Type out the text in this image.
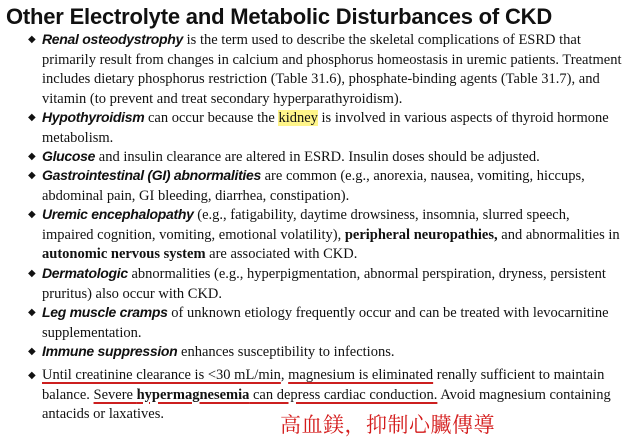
Other Electrolyte and Metabolic Disturbances of CKD
◆ Renal osteodystrophy is the term used to describe the skeletal complications of ESRD that primarily result from changes in calcium and phosphorus homeostasis in uremic patients. Treatment includes dietary phosphorus restriction (Table 31.6), phosphate-binding agents (Table 31.7), and vitamin (to prevent and treat secondary hyperparathyroidism).
◆ Hypothyroidism can occur because the kidney is involved in various aspects of thyroid hormone metabolism.
◆ Glucose and insulin clearance are altered in ESRD. Insulin doses should be adjusted.
◆ Gastrointestinal (GI) abnormalities are common (e.g., anorexia, nausea, vomiting, hiccups, abdominal pain, GI bleeding, diarrhea, constipation).
◆ Uremic encephalopathy (e.g., fatigability, daytime drowsiness, insomnia, slurred speech, impaired cognition, vomiting, emotional volatility), peripheral neuropathies, and abnormalities in autonomic nervous system are associated with CKD.
◆ Dermatologic abnormalities (e.g., hyperpigmentation, abnormal perspiration, dryness, persistent pruritus) also occur with CKD.
◆ Leg muscle cramps of unknown etiology frequently occur and can be treated with levocarnitine supplementation.
◆ Immune suppression enhances susceptibility to infections.
◆ Until creatinine clearance is <30 mL/min, magnesium is eliminated renally sufficient to maintain balance. Severe hypermagnesemia can depress cardiac conduction. Avoid magnesium containing antacids or laxatives.	高血鎂，抑制心臟傳導
